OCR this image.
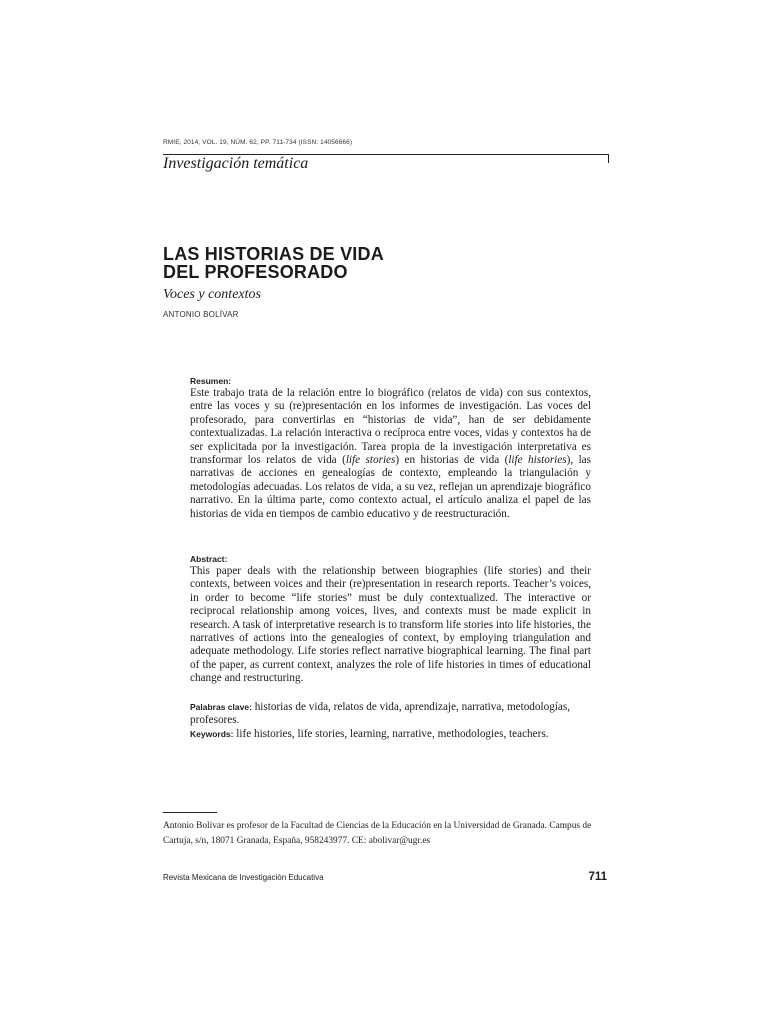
RMIE, 2014, VOL. 19, NÚM. 62, PP. 711-734 (ISSN: 14056666)
Investigación temática
LAS HISTORIAS DE VIDA
DEL PROFESORADO
Voces y contextos
ANTONIO BOLÍVAR
Resumen:
Este trabajo trata de la relación entre lo biográfico (relatos de vida) con sus contextos, entre las voces y su (re)presentación en los informes de investigación. Las voces del profesorado, para convertirlas en “historias de vida”, han de ser debidamente contextualizadas. La relación interactiva o recíproca entre voces, vidas y contextos ha de ser explicitada por la investigación. Tarea propia de la investigación interpretativa es transformar los relatos de vida (life stories) en historias de vida (life histories), las narrativas de acciones en genealogías de contexto, empleando la triangulación y metodologías adecuadas. Los relatos de vida, a su vez, reflejan un aprendizaje biográfico narrativo. En la última parte, como contexto actual, el artículo analiza el papel de las historias de vida en tiempos de cambio educativo y de reestructuración.
Abstract:
This paper deals with the relationship between biographies (life stories) and their contexts, between voices and their (re)presentation in research reports. Teacher’s voices, in order to become “life stories” must be duly contextualized. The interactive or reciprocal relationship among voices, lives, and contexts must be made explicit in research. A task of interpretative research is to transform life stories into life histories, the narratives of actions into the genealogies of context, by employing triangulation and adequate methodology. Life stories reflect narrative biographical learning. The final part of the paper, as current context, analyzes the role of life histories in times of educational change and restructuring.
Palabras clave: historias de vida, relatos de vida, aprendizaje, narrativa, metodologías, profesores.
Keywords: life histories, life stories, learning, narrative, methodologies, teachers.
Antonio Bolívar es profesor de la Facultad de Ciencias de la Educación en la Universidad de Granada. Campus de Cartuja, s/n, 18071 Granada, España, 958243977. CE: abolivar@ugr.es
Revista Mexicana de Investigación Educativa	711
